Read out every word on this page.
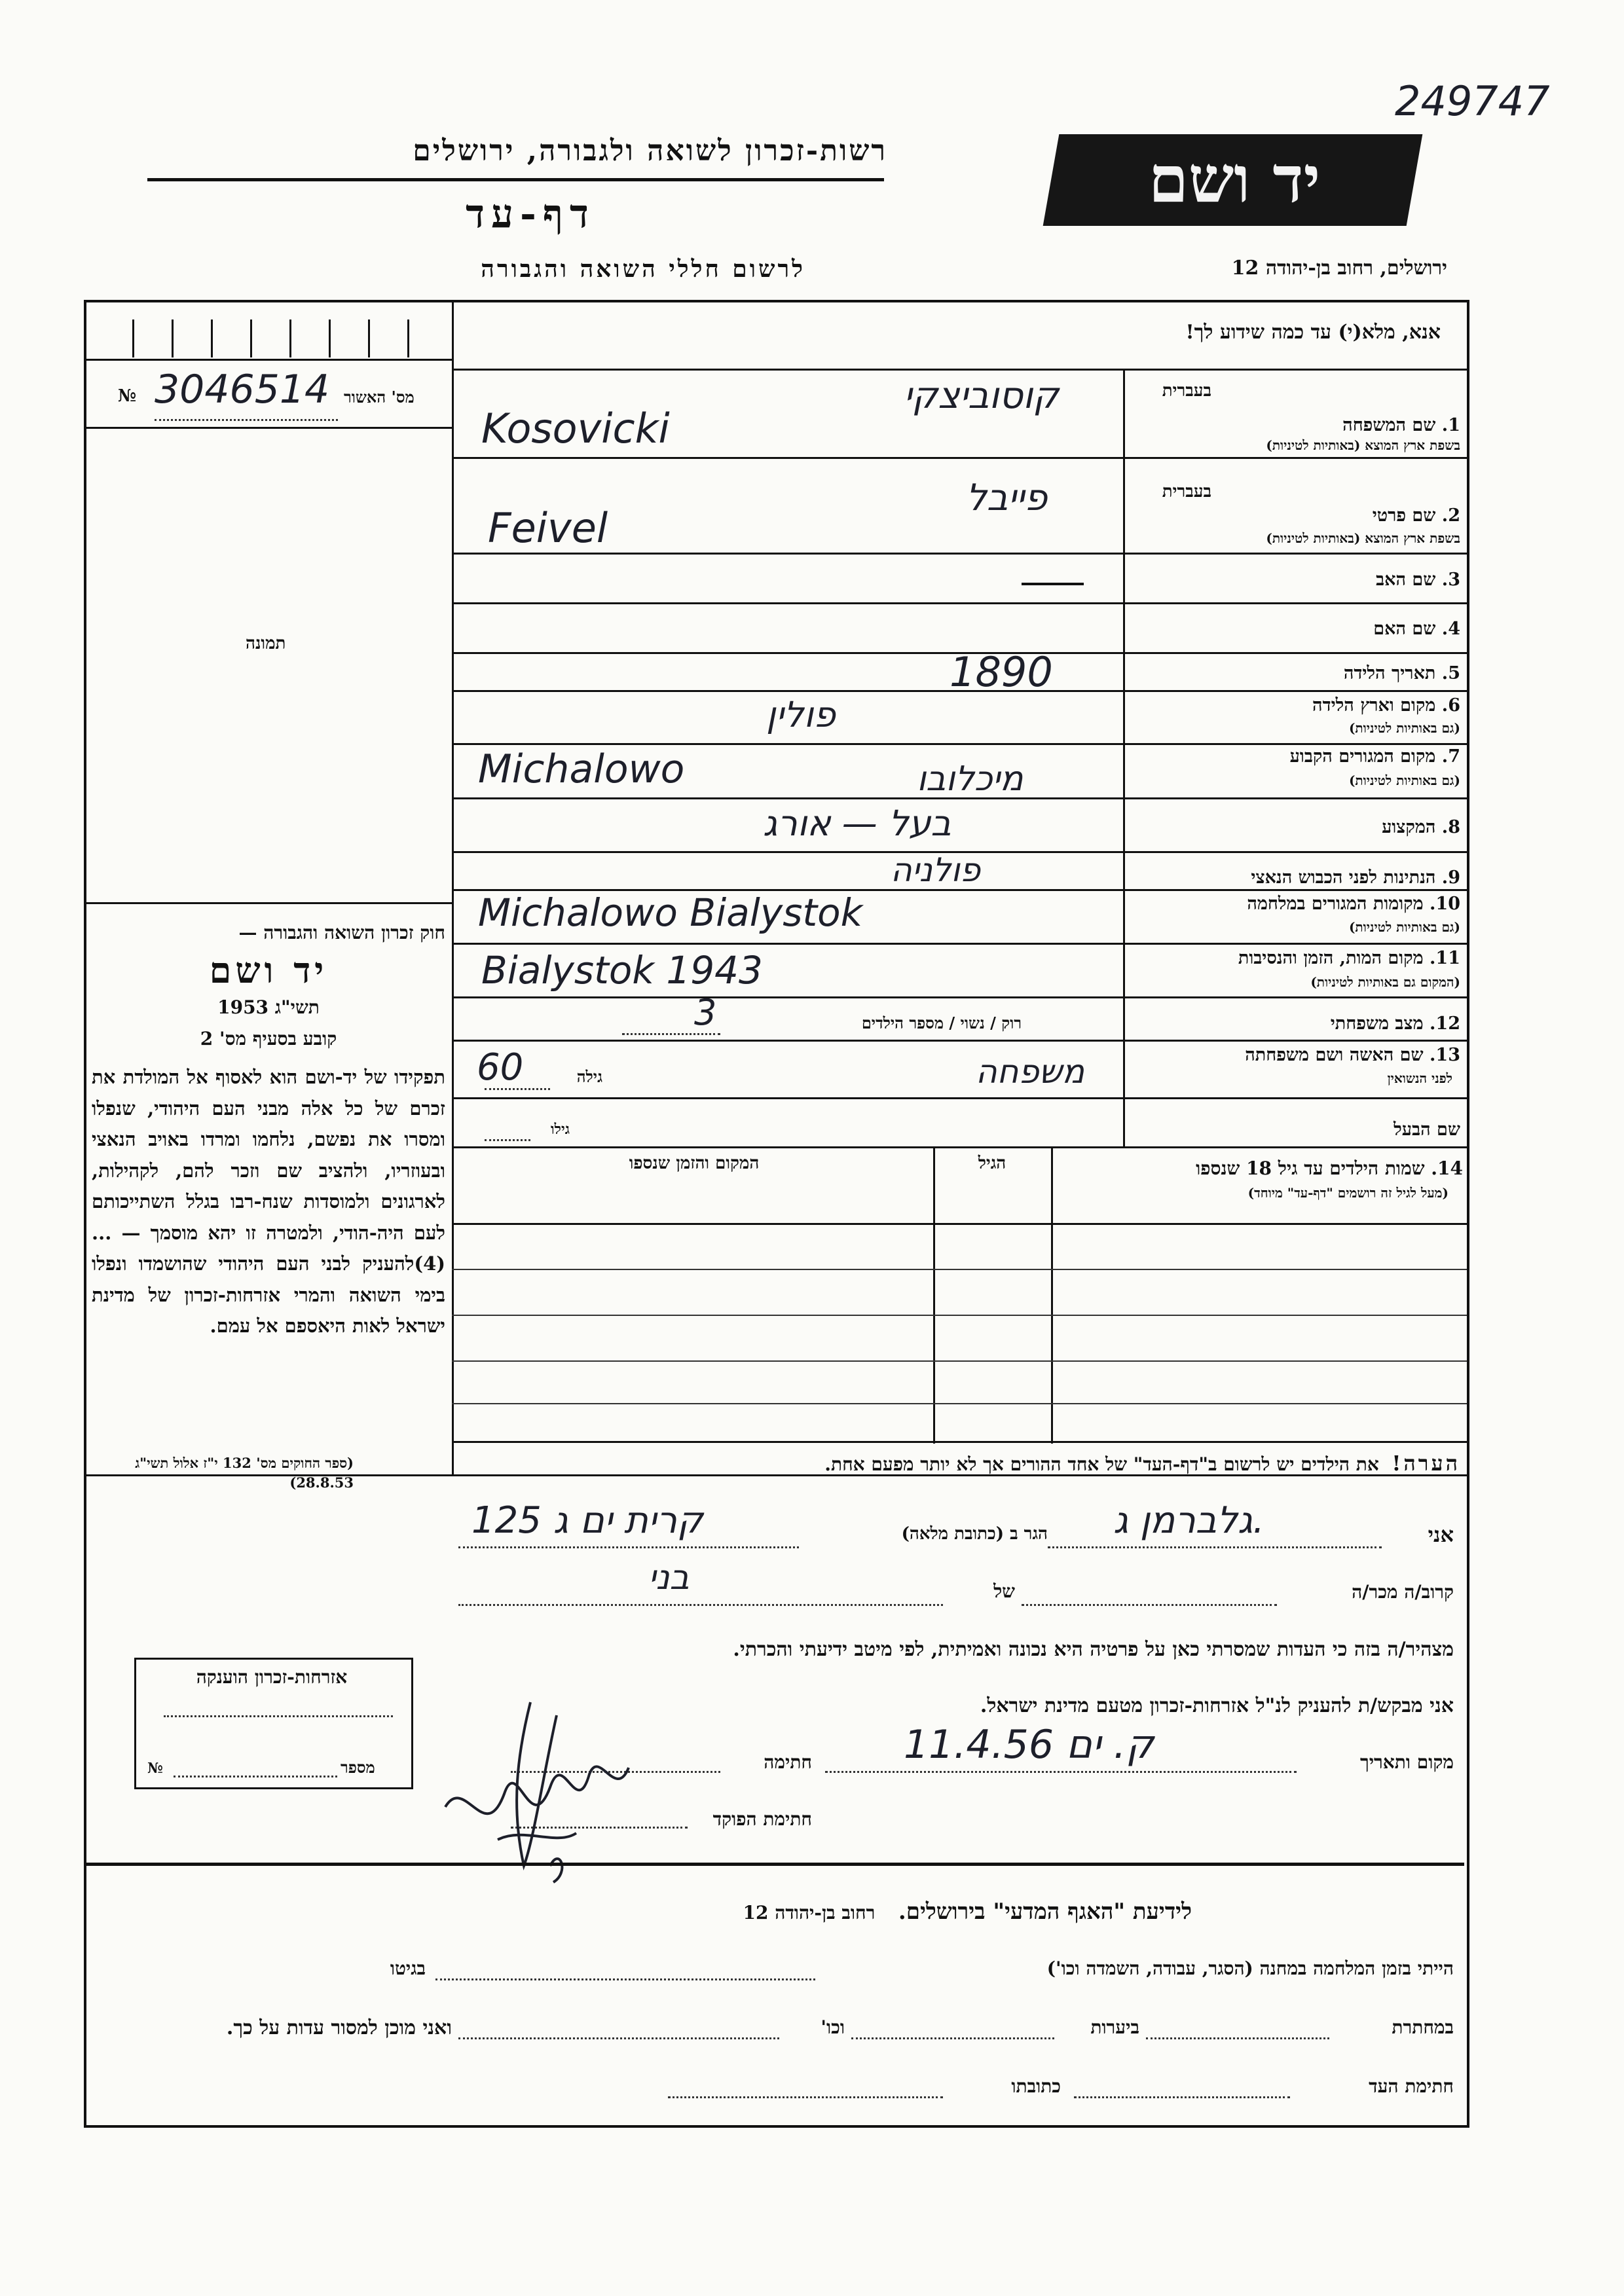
249747
רשות-זכרון לשואה ולגבורה, ירושלים
דף-עד
לרשום חללי השואה והגבורה
יד ושם
ירושלים, רחוב בן-יהודה 12
אנא, מלא(י) עד כמה שידוע לך!
№ 3046514 מס' האשור
תמונה
חוק זכרון השואה והגבורה —
יד ושם
תשי"ג 1953
קובע בסעיף מס' 2
תפקידו של יד-ושם הוא לאסוף אל המולדת את זכרם של כל אלה מבני העם היהודי, שנפלו ומסרו את נפשם, נלחמו ומרדו באויב הנאצי ובעוזריו, ולהציב שם וזכר להם, לקהילות, לארגונים ולמוסדות שנח-רבו בגלל השתייכותם לעם היה-הודי, ולמטרה זו יהא מוסמך — ...(4)להעניק לבני העם היהודי שהושמדו ונפלו בימי השואה והמרי אזרחות-זכרון של מדינת ישראל לאות היאספם אל עמם.
(ספר החוקים מס' 132 י"ז אלול תשי"ג 28.8.53)
בעברית
1. שם המשפחה
בשפת ארץ המוצא (באותיות לטיניות)
קוסוביצקי
Kosovicki
בעברית
2. שם פרטי
בשפת ארץ המוצא (באותיות לטיניות)
פייבל
Feivel
3. שם האב
4. שם האם
5. תאריך הלידה
1890
6. מקום וארץ הלידה
(גם באותיות לטיניות)
פולין
7. מקום המגורים הקבוע
(גם באותיות לטיניות)
Michalowo	מיכלובו
8. המקצוע
בעל — אורג
9. הנתינות לפני הכבוש הנאצי
פולניה
10. מקומות המגורים במלחמה
(גם באותיות לטיניות)
Michalowo Bialystok
11. מקום המות, הזמן והנסיבות
(המקום גם באותיות לטיניות)
Bialystok 1943
12. מצב משפחתי
רוק / נשוי / מספר הילדים
3
13. שם האשה ושם משפחתה
לפני הנשואין
גילה
60	משפחה
שם הבעל
גילו
14. שמות הילדים עד גיל 18 שנספו
(מעל לגיל זה רושמים "דף-עד" מיוחד)
הגיל
המקום והזמן שנספו
הערה!  את הילדים יש לרשום ב"דף-העד" של אחד ההורים אך לא יותר מפעם אחת.
אני
גלברמן ג.
הגר ב (כתובת מלאה)
קרית ים ג 125
קרוב/ה מכר/ה
של
בני
מצהיר/ה בזה כי העדות שמסרתי כאן על פרטיה היא נכונה ואמיתית, לפי מיטב ידיעתי והכרתי.
אני מבקש/ת להעניק לנ"ל אזרחות-זכרון מטעם מדינת ישראל.
מקום ותאריך
ק. ים 11.4.56
חתימה
חתימת הפוקד
אזרחות-זכרון הוענקה
№	מספר
לידיעת "האגף המדעי" בירושלים.   רחוב בן-יהודה 12
הייתי בזמן המלחמה במחנה (הסגר, עבודה, השמדה וכו')
בגיטו
במחתרת
ביערות
וכו'
ואני מוכן למסור עדות על כך.
חתימת העד
כתובתו
